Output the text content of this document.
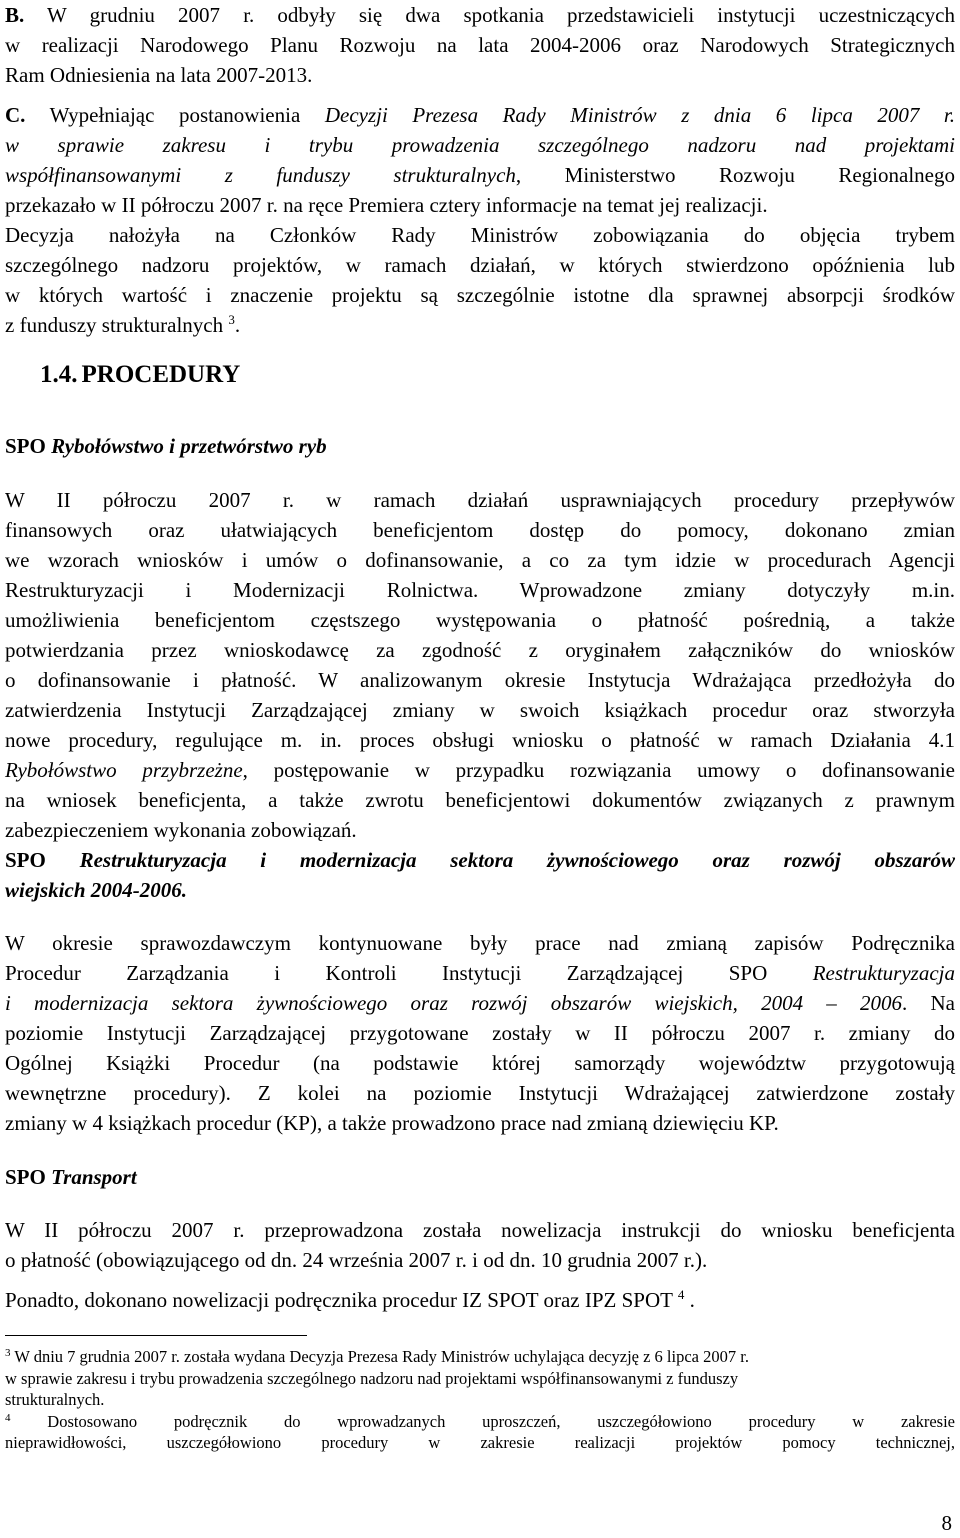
B. W grudniu 2007 r. odbyły się dwa spotkania przedstawicieli instytucji uczestniczących

w realizacji Narodowego Planu Rozwoju na lata 2004-2006 oraz Narodowych Strategicznych

Ram Odniesienia na lata 2007-2013.

C. Wypełniając postanowienia Decyzji Prezesa Rady Ministrów z dnia 6 lipca 2007 r.

w sprawie zakresu i trybu prowadzenia szczególnego nadzoru nad projektami

współfinansowanymi z funduszy strukturalnych, Ministerstwo Rozwoju Regionalnego

przekazało w II półroczu 2007 r. na ręce Premiera cztery informacje na temat jej realizacji.

Decyzja nałożyła na Członków Rady Ministrów zobowiązania do objęcia trybem

szczególnego nadzoru projektów, w ramach działań, w których stwierdzono opóźnienia lub

w których wartość i znaczenie projektu są szczególnie istotne dla sprawnej absorpcji środków

z funduszy strukturalnych $^3$.

1.4. PROCEDURY
SPO Rybołówstwo i przetwórstwo ryb

W II półroczu 2007 r. w ramach działań usprawniających procedury przepływów

finansowych oraz ułatwiających beneficjentom dostęp do pomocy, dokonano zmian

we wzorach wniosków i umów o dofinansowanie, a co za tym idzie w procedurach Agencji

Restrukturyzacji i Modernizacji Rolnictwa. Wprowadzone zmiany dotyczyły m.in.

umożliwienia beneficjentom częstszego występowania o płatność pośrednią, a także

potwierdzania przez wnioskodawcę za zgodność z oryginałem załączników do wniosków

o dofinansowanie i płatność. W analizowanym okresie Instytucja Wdrażająca przedłożyła do

zatwierdzenia Instytucji Zarządzającej zmiany w swoich książkach procedur oraz stworzyła

nowe procedury, regulujące m. in. proces obsługi wniosku o płatność w ramach Działania 4.1

Rybołówstwo przybrzeżne, postępowanie w przypadku rozwiązania umowy o dofinansowanie

na wniosek beneficjenta, a także zwrotu beneficjentowi dokumentów związanych z prawnym

zabezpieczeniem wykonania zobowiązań.

SPO Restrukturyzacja i modernizacja sektora żywnościowego oraz rozwój obszarów

wiejskich 2004-2006.

W okresie sprawozdawczym kontynuowane były prace nad zmianą zapisów Podręcznika

Procedur Zarządzania i Kontroli Instytucji Zarządzającej SPO Restrukturyzacja

i modernizacja sektora żywnościowego oraz rozwój obszarów wiejskich, 2004 – 2006. Na

poziomie Instytucji Zarządzającej przygotowane zostały w II półroczu 2007 r. zmiany do

Ogólnej Książki Procedur (na podstawie której samorządy województw przygotowują

wewnętrzne procedury). Z kolei na poziomie Instytucji Wdrażającej zatwierdzone zostały

zmiany w 4 książkach procedur (KP), a także prowadzono prace nad zmianą dziewięciu KP.

SPO Transport

W II półroczu 2007 r. przeprowadzona została nowelizacja instrukcji do wniosku beneficjenta

o płatność (obowiązującego od dn. 24 września 2007 r. i od dn. 10 grudnia 2007 r.).

Ponadto, dokonano nowelizacji podręcznika procedur IZ SPOT oraz IPZ SPOT $^4$ .

$^3$ W dniu 7 grudnia 2007 r. została wydana Decyzja Prezesa Rady Ministrów uchylająca decyzję z 6 lipca 2007 r.

w sprawie zakresu i trybu prowadzenia szczególnego nadzoru nad projektami współfinansowanymi z funduszy

strukturalnych.

$^4$ Dostosowano podręcznik do wprowadzanych uproszczeń, uszczegółowiono procedury w zakresie

nieprawidłowości, uszczegółowiono procedury w zakresie realizacji projektów pomocy technicznej,

8
